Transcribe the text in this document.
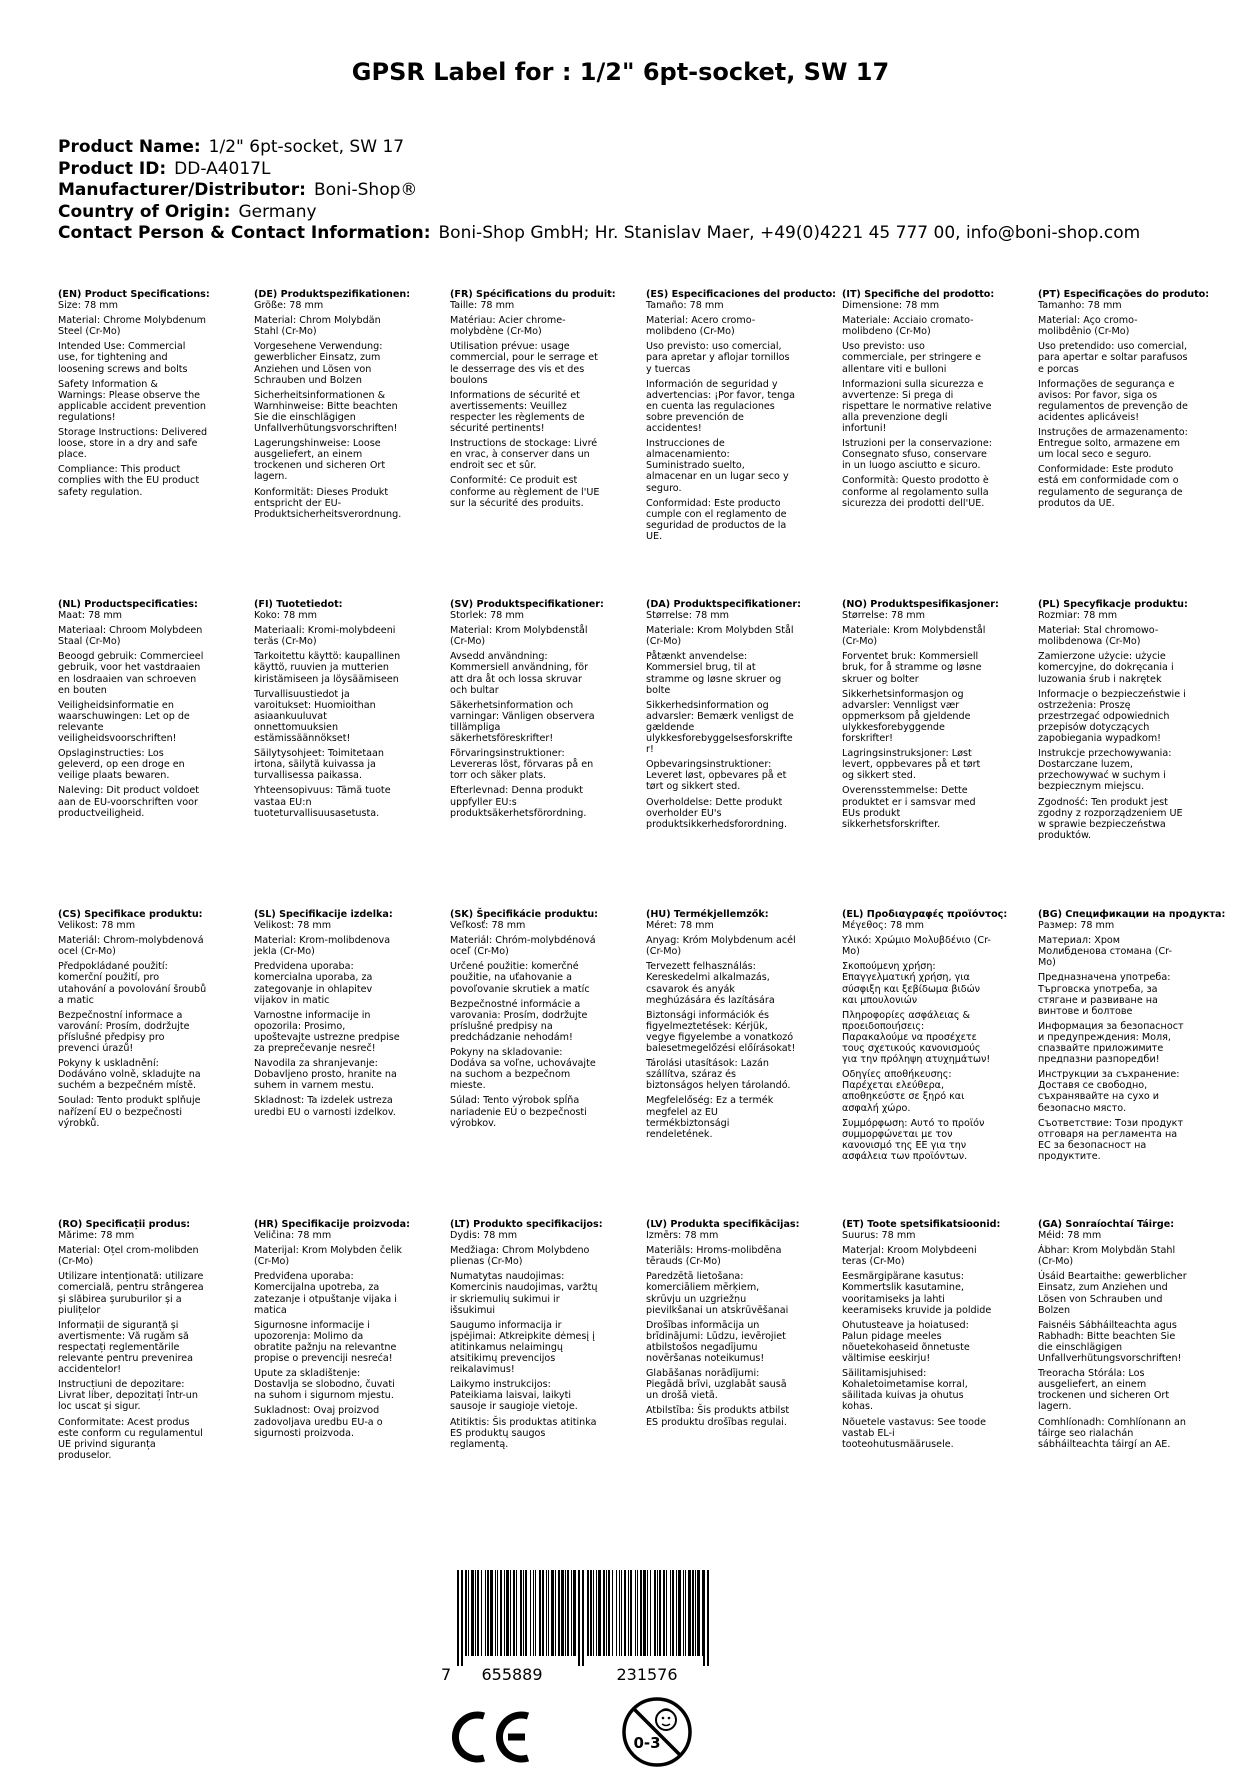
GPSR Label for : 1/2" 6pt-socket, SW 17
Product Name: 1/2" 6pt-socket, SW 17
Product ID: DD-A4017L
Manufacturer/Distributor: Boni-Shop®
Country of Origin: Germany
Contact Person & Contact Information: Boni-Shop GmbH; Hr. Stanislav Maer, +49(0)4221 45 777 00, info@boni-shop.com
(EN) Product Specifications:

Size: 78 mm

Material: Chrome Molybdenum Steel (Cr-Mo)

Intended Use: Commercial use, for tightening and loosening screws and bolts

Safety Information & Warnings: Please observe the applicable accident prevention regulations!

Storage Instructions: Delivered loose, store in a dry and safe place.

Compliance: This product complies with the EU product safety regulation.

(DE) Produktspezifikationen:

Größe: 78 mm

Material: Chrom Molybdän Stahl (Cr-Mo)

Vorgesehene Verwendung: gewerblicher Einsatz, zum Anziehen und Lösen von Schrauben und Bolzen

Sicherheitsinformationen & Warnhinweise: Bitte beachten Sie die einschlägigen Unfallverhütungsvorschriften!

Lagerungshinweise: Loose ausgeliefert, an einem trockenen und sicheren Ort lagern.

Konformität: Dieses Produkt entspricht der EU-Produktsicherheitsverordnung.

(FR) Spécifications du produit:

Taille: 78 mm

Matériau: Acier chrome-molybdène (Cr-Mo)

Utilisation prévue: usage commercial, pour le serrage et le desserrage des vis et des boulons

Informations de sécurité et avertissements: Veuillez respecter les règlements de sécurité pertinents!

Instructions de stockage: Livré en vrac, à conserver dans un endroit sec et sûr.

Conformité: Ce produit est conforme au règlement de l'UE sur la sécurité des produits.

(ES) Especificaciones del producto:

Tamaño: 78 mm

Material: Acero cromo-molibdeno (Cr-Mo)

Uso previsto: uso comercial, para apretar y aflojar tornillos y tuercas

Información de seguridad y advertencias: ¡Por favor, tenga en cuenta las regulaciones sobre prevención de accidentes!

Instrucciones de almacenamiento: Suministrado suelto, almacenar en un lugar seco y seguro.

Conformidad: Este producto cumple con el reglamento de seguridad de productos de la UE.

(IT) Specifiche del prodotto:

Dimensione: 78 mm

Materiale: Acciaio cromato-molibdeno (Cr-Mo)

Uso previsto: uso commerciale, per stringere e allentare viti e bulloni

Informazioni sulla sicurezza e avvertenze: Si prega di rispettare le normative relative alla prevenzione degli infortuni!

Istruzioni per la conservazione: Consegnato sfuso, conservare in un luogo asciutto e sicuro.

Conformità: Questo prodotto è conforme al regolamento sulla sicurezza dei prodotti dell'UE.

(PT) Especificações do produto:

Tamanho: 78 mm

Material: Aço cromo-molibdênio (Cr-Mo)

Uso pretendido: uso comercial, para apertar e soltar parafusos e porcas

Informações de segurança e avisos: Por favor, siga os regulamentos de prevenção de acidentes aplicáveis!

Instruções de armazenamento: Entregue solto, armazene em um local seco e seguro.

Conformidade: Este produto está em conformidade com o regulamento de segurança de produtos da UE.

(NL) Productspecificaties:

Maat: 78 mm

Materiaal: Chroom Molybdeen Staal (Cr-Mo)

Beoogd gebruik: Commercieel gebruik, voor het vastdraaien en losdraaien van schroeven en bouten

Veiligheidsinformatie en waarschuwingen: Let op de relevante veiligheidsvoorschriften!

Opslaginstructies: Los geleverd, op een droge en veilige plaats bewaren.

Naleving: Dit product voldoet aan de EU-voorschriften voor productveiligheid.

(FI) Tuotetiedot:

Koko: 78 mm

Materiaali: Kromi-molybdeeni teräs (Cr-Mo)

Tarkoitettu käyttö: kaupallinen käyttö, ruuvien ja mutterien kiristämiseen ja löysäämiseen

Turvallisuustiedot ja varoitukset: Huomioithan asiaankuuluvat onnettomuuksien estämissäännökset!

Säilytysohjeet: Toimitetaan irtona, säilytä kuivassa ja turvallisessa paikassa.

Yhteensopivuus: Tämä tuote vastaa EU:n tuoteturvallisuusasetusta.

(SV) Produktspecifikationer:

Storlek: 78 mm

Material: Krom Molybdenstål (Cr-Mo)

Avsedd användning: Kommersiell användning, för att dra åt och lossa skruvar och bultar

Säkerhetsinformation och varningar: Vänligen observera tillämpliga säkerhetsföreskrifter!

Förvaringsinstruktioner: Levereras löst, förvaras på en torr och säker plats.

Efterlevnad: Denna produkt uppfyller EU:s produktsäkerhetsförordning.

(DA) Produktspecifikationer:

Størrelse: 78 mm

Materiale: Krom Molybden Stål (Cr-Mo)

Påtænkt anvendelse: Kommersiel brug, til at stramme og løsne skruer og bolte

Sikkerhedsinformation og advarsler: Bemærk venligst de gældende ulykkesforebyggelsesforskrifter!

Opbevaringsinstruktioner: Leveret løst, opbevares på et tørt og sikkert sted.

Overholdelse: Dette produkt overholder EU's produktsikkerhedsforordning.

(NO) Produktspesifikasjoner:

Størrelse: 78 mm

Materiale: Krom Molybdenstål (Cr-Mo)

Forventet bruk: Kommersiell bruk, for å stramme og løsne skruer og bolter

Sikkerhetsinformasjon og advarsler: Vennligst vær oppmerksom på gjeldende ulykkesforebyggende forskrifter!

Lagringsinstruksjoner: Løst levert, oppbevares på et tørt og sikkert sted.

Overensstemmelse: Dette produktet er i samsvar med EUs produkt sikkerhetsforskrifter.

(PL) Specyfikacje produktu:

Rozmiar: 78 mm

Materiał: Stal chromowo-molibdenowa (Cr-Mo)

Zamierzone użycie: użycie komercyjne, do dokręcania i luzowania śrub i nakrętek

Informacje o bezpieczeństwie i ostrzeżenia: Proszę przestrzegać odpowiednich przepisów dotyczących zapobiegania wypadkom!

Instrukcje przechowywania: Dostarczane luzem, przechowywać w suchym i bezpiecznym miejscu.

Zgodność: Ten produkt jest zgodny z rozporządzeniem UE w sprawie bezpieczeństwa produktów.

(CS) Specifikace produktu:

Velikost: 78 mm

Materiál: Chrom-molybdenová ocel (Cr-Mo)

Předpokládané použití: komerční použití, pro utahování a povolování šroubů a matic

Bezpečnostní informace a varování: Prosím, dodržujte příslušné předpisy pro prevenci úrazů!

Pokyny k uskladnění: Dodáváno volně, skladujte na suchém a bezpečném místě.

Soulad: Tento produkt splňuje nařízení EU o bezpečnosti výrobků.

(SL) Specifikacije izdelka:

Velikost: 78 mm

Material: Krom-molibdenova jekla (Cr-Mo)

Predvidena uporaba: komercialna uporaba, za zategovanje in ohlapitev vijakov in matic

Varnostne informacije in opozorila: Prosimo, upoštevajte ustrezne predpise za preprečevanje nesreč!

Navodila za shranjevanje: Dobavljeno prosto, hranite na suhem in varnem mestu.

Skladnost: Ta izdelek ustreza uredbi EU o varnosti izdelkov.

(SK) Špecifikácie produktu:

Veľkosť: 78 mm

Materiál: Chróm-molybdénová oceľ (Cr-Mo)

Určené použitie: komerčné použitie, na uťahovanie a povoľovanie skrutiek a matíc

Bezpečnostné informácie a varovania: Prosím, dodržujte príslušné predpisy na predchádzanie nehodám!

Pokyny na skladovanie: Dodáva sa voľne, uchovávajte na suchom a bezpečnom mieste.

Súlad: Tento výrobok spĺňa nariadenie EÚ o bezpečnosti výrobkov.

(HU) Termékjellemzők:

Méret: 78 mm

Anyag: Króm Molybdenum acél (Cr-Mo)

Tervezett felhasználás: Kereskedelmi alkalmazás, csavarok és anyák meghúzására és lazítására

Biztonsági információk és figyelmeztetések: Kérjük, vegye figyelembe a vonatkozó balesetmegelőzési előírásokat!

Tárolási utasítások: Lazán szállítva, száraz és biztonságos helyen tárolandó.

Megfelelőség: Ez a termék megfelel az EU termékbiztonsági rendeletének.

(EL) Προδιαγραφές προϊόντος:

Μέγεθος: 78 mm

Υλικό: Χρώμιο Μολυβδένιο (Cr-Mo)

Σκοπούμενη χρήση: Επαγγελματική χρήση, για σύσφιξη και ξεβίδωμα βιδών και μπουλονιών

Πληροφορίες ασφάλειας & προειδοποιήσεις: Παρακαλούμε να προσέχετε τους σχετικούς κανονισμούς για την πρόληψη ατυχημάτων!

Οδηγίες αποθήκευσης: Παρέχεται ελεύθερα, αποθηκεύστε σε ξηρό και ασφαλή χώρο.

Συμμόρφωση: Αυτό το προϊόν συμμορφώνεται με τον κανονισμό της ΕΕ για την ασφάλεια των προϊόντων.

(BG) Спецификации на продукта:

Размер: 78 mm

Материал: Хром Молибденова стомана (Cr-Mo)

Предназначена употреба: Търговска употреба, за стягане и развиване на винтове и болтове

Информация за безопасност и предупреждения: Моля, спазвайте приложимите предпазни разпоредби!

Инструкции за съхранение: Доставя се свободно, съхранявайте на сухо и безопасно място.

Съответствие: Този продукт отговаря на регламента на ЕС за безопасност на продуктите.

(RO) Specificații produs:

Mărime: 78 mm

Material: Oțel crom-molibden (Cr-Mo)

Utilizare intenționată: utilizare comercială, pentru strângerea și slăbirea șuruburilor și a piulițelor

Informații de siguranță și avertismente: Vă rugăm să respectați reglementările relevante pentru prevenirea accidentelor!

Instrucțiuni de depozitare: Livrat liber, depozitați într-un loc uscat și sigur.

Conformitate: Acest produs este conform cu regulamentul UE privind siguranța produselor.

(HR) Specifikacije proizvoda:

Veličina: 78 mm

Materijal: Krom Molybden čelik (Cr-Mo)

Predviđena uporaba: Komercijalna upotreba, za zatezanje i otpuštanje vijaka i matica

Sigurnosne informacije i upozorenja: Molimo da obratite pažnju na relevantne propise o prevenciji nesreća!

Upute za skladištenje: Dostavlja se slobodno, čuvati na suhom i sigurnom mjestu.

Sukladnost: Ovaj proizvod zadovoljava uredbu EU-a o sigurnosti proizvoda.

(LT) Produkto specifikacijos:

Dydis: 78 mm

Medžiaga: Chrom Molybdeno plienas (Cr-Mo)

Numatytas naudojimas: Komercinis naudojimas, varžtų ir skriemulių sukimui ir išsukimui

Saugumo informacija ir įspėjimai: Atkreipkite dėmesį į atitinkamus nelaimingų atsitikimų prevencijos reikalavimus!

Laikymo instrukcijos: Pateikiama laisvai, laikyti sausoje ir saugioje vietoje.

Atitiktis: Šis produktas atitinka ES produktų saugos reglamentą.

(LV) Produkta specifikācijas:

Izmērs: 78 mm

Materiāls: Hroms-molibdēna tērauds (Cr-Mo)

Paredzētā lietošana: komerciāliem mērķiem, skrūvju un uzgriežņu pievilkšanai un atskrūvēšanai

Drošības informācija un brīdinājumi: Lūdzu, ievērojiet atbilstošos negadījumu novēršanas noteikumus!

Glabāšanas norādījumi: Piegādā brīvi, uzglabāt sausā un drošā vietā.

Atbilstība: Šis produkts atbilst ES produktu drošības regulai.

(ET) Toote spetsifikatsioonid:

Suurus: 78 mm

Materjal: Kroom Molybdeeni teras (Cr-Mo)

Eesmärgipärane kasutus: Kommertslik kasutamine, vooritamiseks ja lahti keeramiseks kruvide ja poldide

Ohutusteave ja hoiatused: Palun pidage meeles nõuetekohaseid õnnetuste vältimise eeskirju!

Säilitamisjuhised: Kohaletoimetamise korral, säilitada kuivas ja ohutus kohas.

Nõuetele vastavus: See toode vastab EL-i tooteohutusmäärusele.

(GA) Sonraíochtaí Táirge:

Méid: 78 mm

Ábhar: Krom Molybdän Stahl (Cr-Mo)

Úsáid Beartaithe: gewerblicher Einsatz, zum Anziehen und Lösen von Schrauben und Bolzen

Faisnéis Sábháilteachta agus Rabhadh: Bitte beachten Sie die einschlägigen Unfallverhütungsvorschriften!

Treoracha Stórála: Los ausgeliefert, an einem trockenen und sicheren Ort lagern.

Comhlíonadh: Comhlíonann an táirge seo rialachán sábháilteachta táirgí an AE.

7 655889	231576
0-3
